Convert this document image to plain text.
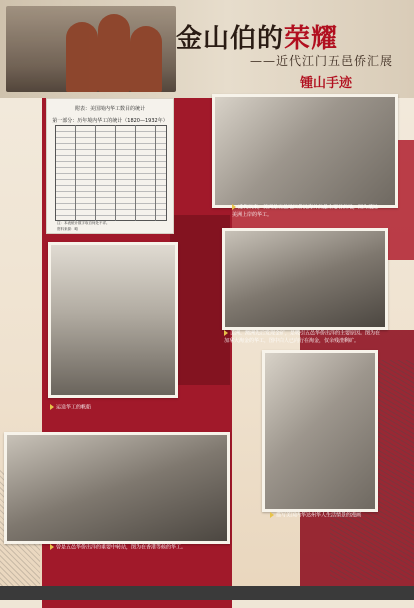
金山伯的荣耀
——近代江门五邑侨汇展
锺山手迹
附表：美国境内华工数目的统计
第一部分：历年境内华工的统计（1820—1932年）
注：本表统计数字取自何处不详。
资料来源：略
近代以来，美洲是五邑地区侨民海外的最主要目的地，图为抵达美洲上岸的华工。
美洲、澳洲先后发现金矿，是吸引五邑华侨出洋的主要原因。图为在加拿大淘金的华工，图中白人已向行在淘金，仅余残渣剩矿。
运送华工的帆船
描写美国内华达州华人生活情景的漫画
曾是五邑华侨出洋的重要中转站，图为在香港等候的华工。
